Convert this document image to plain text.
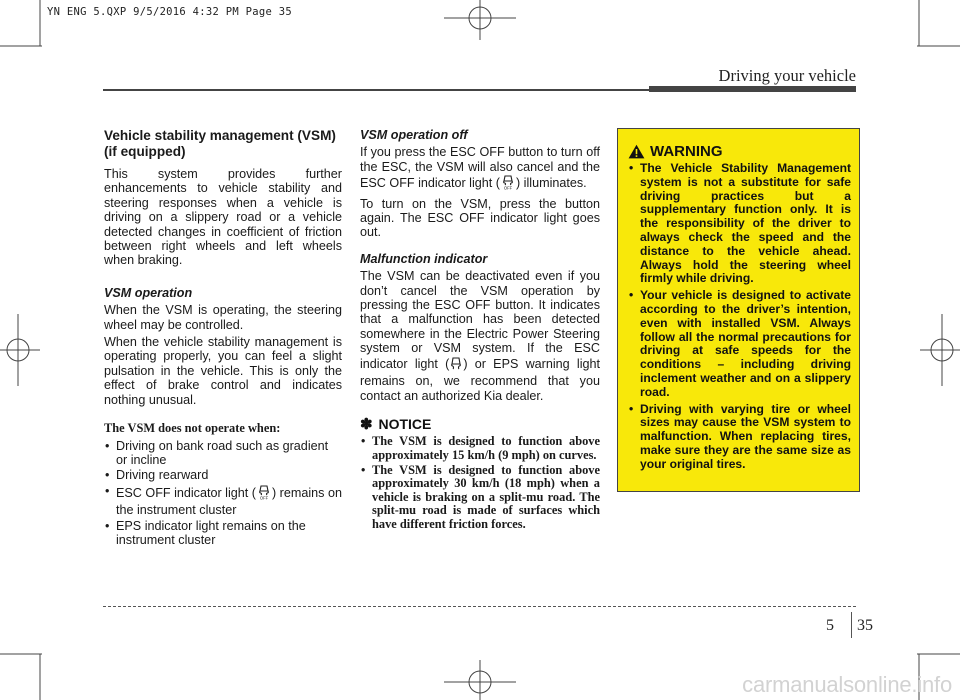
YN ENG 5.QXP 9/5/2016 4:32 PM Page 35
Driving your vehicle
Vehicle stability management (VSM) (if equipped)

This system provides further enhancements to vehicle stability and steering responses when a vehicle is driving on a slippery road or a vehicle detected changes in coefficient of friction between right wheels and left wheels when braking.

VSM operation

When the VSM is operating, the steering wheel may be controlled.

When the vehicle stability management is operating properly, you can feel a slight pulsation in the vehicle. This is only the effect of brake control and indicates nothing unusual.

The VSM does not operate when:
• Driving on bank road such as gradient or incline
• Driving rearward
• ESC OFF indicator light ( OFF ) remains on the instrument cluster
• EPS indicator light remains on the instrument cluster
VSM operation off

If you press the ESC OFF button to turn off the ESC, the VSM will also cancel and the ESC OFF indicator light ( OFF ) illuminates.

To turn on the VSM, press the button again. The ESC OFF indicator light goes out.

Malfunction indicator

The VSM can be deactivated even if you don’t cancel the VSM operation by pressing the ESC OFF button. It indicates that a malfunction has been detected somewhere in the Electric Power Steering system or VSM system. If the ESC indicator light ( ) or EPS warning light remains on, we recommend that you contact an authorized Kia dealer.

✽ NOTICE
• The VSM is designed to function above approximately 15 km/h (9 mph) on curves.
• The VSM is designed to function above approximately 30 km/h (18 mph) when a vehicle is braking on a split-mu road. The split-mu road is made of surfaces which have different friction forces.
WARNING
• The Vehicle Stability Management system is not a substitute for safe driving practices but a supplementary function only. It is the responsibility of the driver to always check the speed and the distance to the vehicle ahead. Always hold the steering wheel firmly while driving.
• Your vehicle is designed to activate according to the driver’s intention, even with installed VSM. Always follow all the normal precautions for driving at safe speeds for the conditions – including driving inclement weather and on a slippery road.
• Driving with varying tire or wheel sizes may cause the VSM system to malfunction. When replacing tires, make sure they are the same size as your original tires.
5 35
carmanualsonline.info
